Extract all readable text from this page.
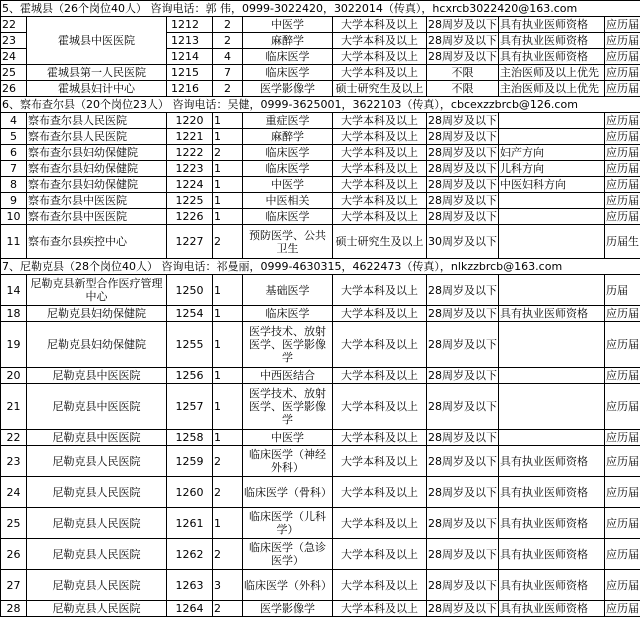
5、霍城县（26个岗位40人） 咨询电话：郭 伟，0999-3022420，3022014（传真），hcxrcb3022420@163.com								
22	霍城县中医医院	1212	2	中医学	大学本科及以上	28周岁及以下	具有执业医师资格	应历届
23		1213	2	麻醉学	大学本科及以上	28周岁及以下	具有执业医师资格	应历届
24		1214	4	临床医学	大学本科及以上	28周岁及以下	具有执业医师资格	应历届
25	霍城县第一人民医院	1215	7	临床医学	大学本科及以上	不限	主治医师及以上优先	应历届
26	霍城县妇计中心	1216	2	医学影像学	硕士研究生及以上	不限	主治医师及以上优先	应历届
6、察布查尔县（20个岗位23人） 咨询电话：吴健，0999-3625001，3622103（传真），cbcexzzbrcb@126.com								
4	察布查尔县人民医院	1220	1	重症医学	大学本科及以上	28周岁及以下		应历届
5	察布查尔县人民医院	1221	1	麻醉学	大学本科及以上	28周岁及以下		应历届
6	察布查尔县妇幼保健院	1222	2	临床医学	大学本科及以上	28周岁及以下	妇产方向	应历届
7	察布查尔县妇幼保健院	1223	1	临床医学	大学本科及以上	28周岁及以下	儿科方向	应历届
8	察布查尔县妇幼保健院	1224	1	中医学	大学本科及以上	28周岁及以下	中医妇科方向	应历届
9	察布查尔县中医医院	1225	1	中医相关	大学本科及以上	28周岁及以下		应历届
10	察布查尔县中医医院	1226	1	临床医学	大学本科及以上	28周岁及以下		应历届
11	察布查尔县疾控中心	1227	2	预防医学、公共卫生	硕士研究生及以上	30周岁及以下		历届生
7、尼勒克县（28个岗位40人） 咨询电话：祁曼丽，0999-4630315，4622473（传真），nlkzzbrcb@163.com								
14	尼勒克县新型合作医疗管理中心	1250	1	基础医学	大学本科及以上	28周岁及以下		历届
18	尼勒克县妇幼保健院	1254	1	临床医学	大学本科及以上	28周岁及以下	具有执业医师资格	应历届
19	尼勒克县妇幼保健院	1255	1	医学技术、放射医学、医学影像学	大学本科及以上	28周岁及以下		应历届
20	尼勒克县中医医院	1256	1	中西医结合	大学本科及以上	28周岁及以下		应历届
21	尼勒克县中医医院	1257	1	医学技术、放射医学、医学影像学	大学本科及以上	28周岁及以下		应历届
22	尼勒克县中医医院	1258	1	中医学	大学本科及以上	28周岁及以下		应历届
23	尼勒克县人民医院	1259	2	临床医学（神经外科）	大学本科及以上	28周岁及以下	具有执业医师资格	应历届
24	尼勒克县人民医院	1260	2	临床医学（骨科）	大学本科及以上	28周岁及以下	具有执业医师资格	应历届
25	尼勒克县人民医院	1261	1	临床医学（儿科学）	大学本科及以上	28周岁及以下	具有执业医师资格	应历届
26	尼勒克县人民医院	1262	2	临床医学（急诊医学）	大学本科及以上	28周岁及以下	具有执业医师资格	应历届
27	尼勒克县人民医院	1263	3	临床医学（外科）	大学本科及以上	28周岁及以下	具有执业医师资格	应历届
28	尼勒克县人民医院	1264	2	医学影像学	大学本科及以上	28周岁及以下	具有执业医师资格	应历届
